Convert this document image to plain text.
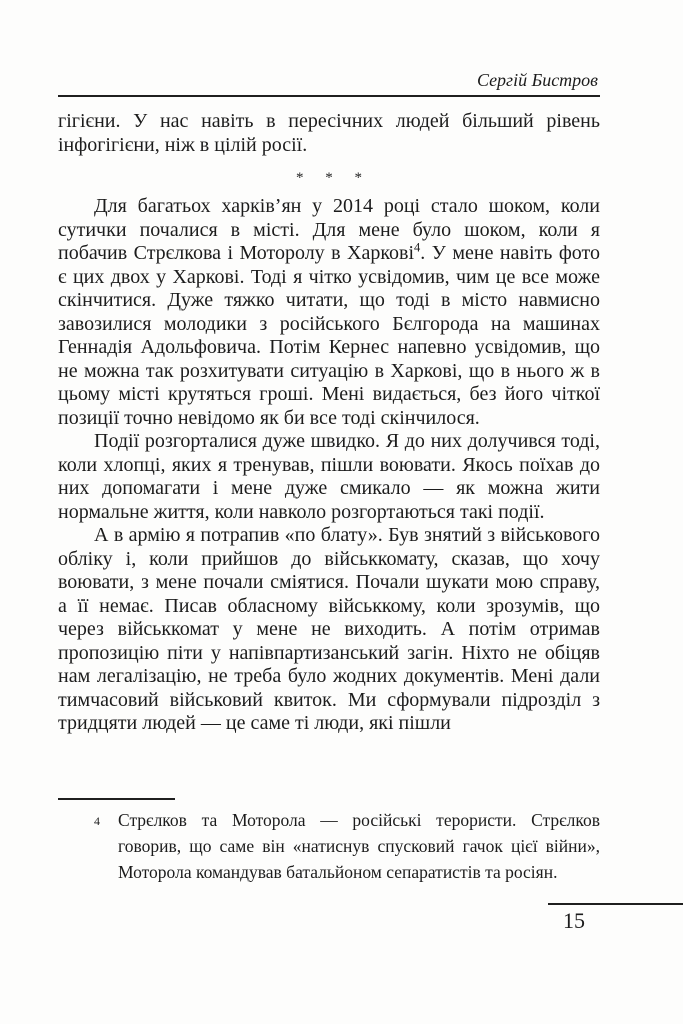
Сергій Бистров

гігієни. У нас навіть в пересічних людей більший рівень інфогігієни, ніж в цілій росії.

* * *

Для багатьох харків’ян у 2014 році стало шоком, коли сутички почалися в місті. Для мене було шоком, коли я побачив Стрєлкова і Моторолу в Харкові$^4$. У мене навіть фото є цих двох у Харкові. Тоді я чітко усвідомив, чим це все може скінчитися. Дуже тяжко читати, що тоді в місто навмисно завозилися молодики з російського Бєлгорода на машинах Геннадія Адольфовича. Потім Кернес напевно усвідомив, що не можна так розхитувати ситуацію в Харкові, що в нього ж в цьому місті крутяться гроші. Мені видається, без його чіткої позиції точно невідомо як би все тоді скінчилося.

Події розгорталися дуже швидко. Я до них долучився тоді, коли хлопці, яких я тренував, пішли воювати. Якось поїхав до них допомагати і мене дуже смикало — як можна жити нормальне життя, коли навколо розгортаються такі події.

А в армію я потрапив «по блату». Був знятий з військового обліку і, коли прийшов до військкомату, сказав, що хочу воювати, з мене почали сміятися. Почали шукати мою справу, а її немає. Писав обласному військкому, коли зрозумів, що через військкомат у мене не виходить. А потім отримав пропозицію піти у напівпартизанський загін. Ніхто не обіцяв нам легалізацію, не треба було жодних документів. Мені дали тимчасовий військовий квиток. Ми сформували підрозділ з тридцяти людей — це саме ті люди, які пішли

4	Стрєлков та Моторола — російські терористи. Стрєлков говорив, що саме він «натиснув спусковий гачок цієї війни», Моторола командував батальйоном сепаратистів та росіян.
15
